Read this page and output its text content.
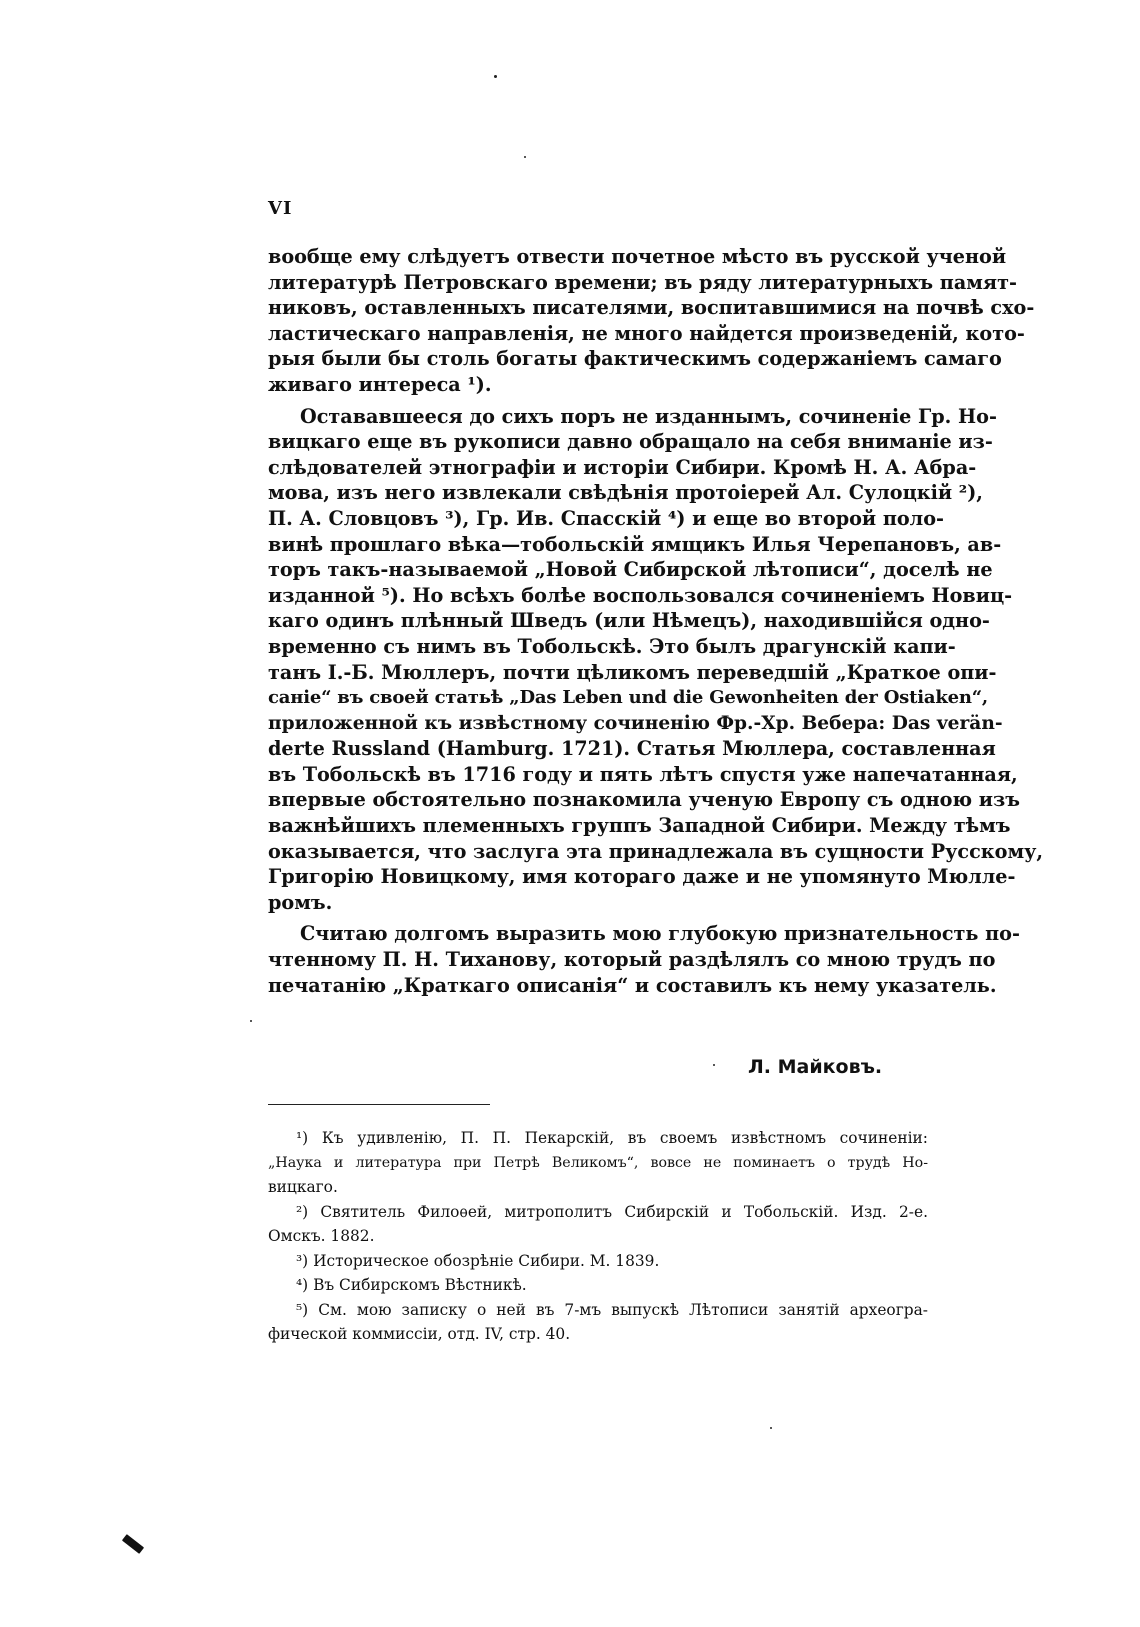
VI
вообще ему слѣдуетъ отвести почетное мѣсто въ русской ученой
литературѣ Петровскаго времени; въ ряду литературныхъ памят-
никовъ, оставленныхъ писателями, воспитавшимися на почвѣ схо-
ластическаго направленія, не много найдется произведеній, кото-
рыя были бы столь богаты фактическимъ содержаніемъ самаго
живаго интереса ¹).
Остававшееся до сихъ поръ не изданнымъ, сочиненіе Гр. Но-
вицкаго еще въ рукописи давно обращало на себя вниманіе из-
слѣдователей этнографіи и исторіи Сибири. Кромѣ Н. А. Абра-
мова, изъ него извлекали свѣдѣнія протоіерей Ал. Сулоцкій ²),
П. А. Словцовъ ³), Гр. Ив. Спасскій ⁴) и еще во второй поло-
винѣ прошлаго вѣка—тобольскій ямщикъ Илья Черепановъ, ав-
торъ такъ-называемой „Новой Сибирской лѣтописи“, доселѣ не
изданной ⁵). Но всѣхъ болѣе воспользовался сочиненіемъ Новиц-
каго одинъ плѣнный Шведъ (или Нѣмецъ), находившійся одно-
временно съ нимъ въ Тобольскѣ. Это былъ драгунскій капи-
танъ I.-Б. Мюллеръ, почти цѣликомъ переведшій „Краткое опи-
саніе“ въ своей статьѣ „Das Leben und die Gewonheiten der Ostiaken“,
приложенной къ извѣстному сочиненію Фр.-Хр. Вебера: Das verän-
derte Russland (Hamburg. 1721). Статья Мюллера, составленная
въ Тобольскѣ въ 1716 году и пять лѣтъ спустя уже напечатанная,
впервые обстоятельно познакомила ученую Европу съ одною изъ
важнѣйшихъ племенныхъ группъ Западной Сибири. Между тѣмъ
оказывается, что заслуга эта принадлежала въ сущности Русскому,
Григорію Новицкому, имя котораго даже и не упомянуто Мюлле-
ромъ.
Считаю долгомъ выразить мою глубокую признательность по-
чтенному П. Н. Тиханову, который раздѣлялъ со мною трудъ по
печатанію „Краткаго описанія“ и составилъ къ нему указатель.
Л. Майковъ.
¹) Къ удивленію, П. П. Пекарскій, въ своемъ извѣстномъ сочиненіи:
„Наука и литература при Петрѣ Великомъ“, вовсе не поминаетъ о трудѣ Но-
вицкаго.
²) Святитель Филоѳей, митрополитъ Сибирскій и Тобольскій. Изд. 2-е.
Омскъ. 1882.
³) Историческое обозрѣніе Сибири. М. 1839.
⁴) Въ Сибирскомъ Вѣстникѣ.
⁵) См. мою записку о ней въ 7-мъ выпускѣ Лѣтописи занятій археогра-
фической коммиссіи, отд. IV, стр. 40.
